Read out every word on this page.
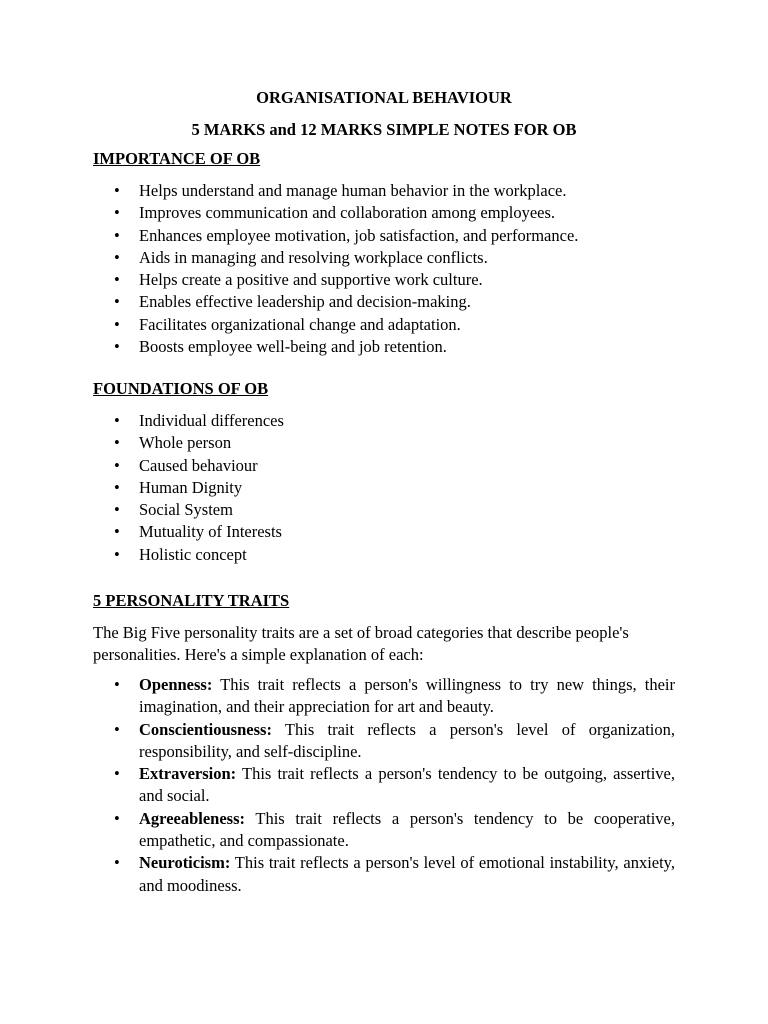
ORGANISATIONAL BEHAVIOUR

5 MARKS and 12 MARKS SIMPLE NOTES FOR OB

IMPORTANCE OF OB

• Helps understand and manage human behavior in the workplace.
• Improves communication and collaboration among employees.
• Enhances employee motivation, job satisfaction, and performance.
• Aids in managing and resolving workplace conflicts.
• Helps create a positive and supportive work culture.
• Enables effective leadership and decision-making.
• Facilitates organizational change and adaptation.
• Boosts employee well-being and job retention.

FOUNDATIONS OF OB

• Individual differences
• Whole person
• Caused behaviour
• Human Dignity
• Social System
• Mutuality of Interests
• Holistic concept

5 PERSONALITY TRAITS

The Big Five personality traits are a set of broad categories that describe people's personalities. Here's a simple explanation of each:

• Openness: This trait reflects a person's willingness to try new things, their imagination, and their appreciation for art and beauty.
• Conscientiousness: This trait reflects a person's level of organization, responsibility, and self-discipline.
• Extraversion: This trait reflects a person's tendency to be outgoing, assertive, and social.
• Agreeableness: This trait reflects a person's tendency to be cooperative, empathetic, and compassionate.
• Neuroticism: This trait reflects a person's level of emotional instability, anxiety, and moodiness.
